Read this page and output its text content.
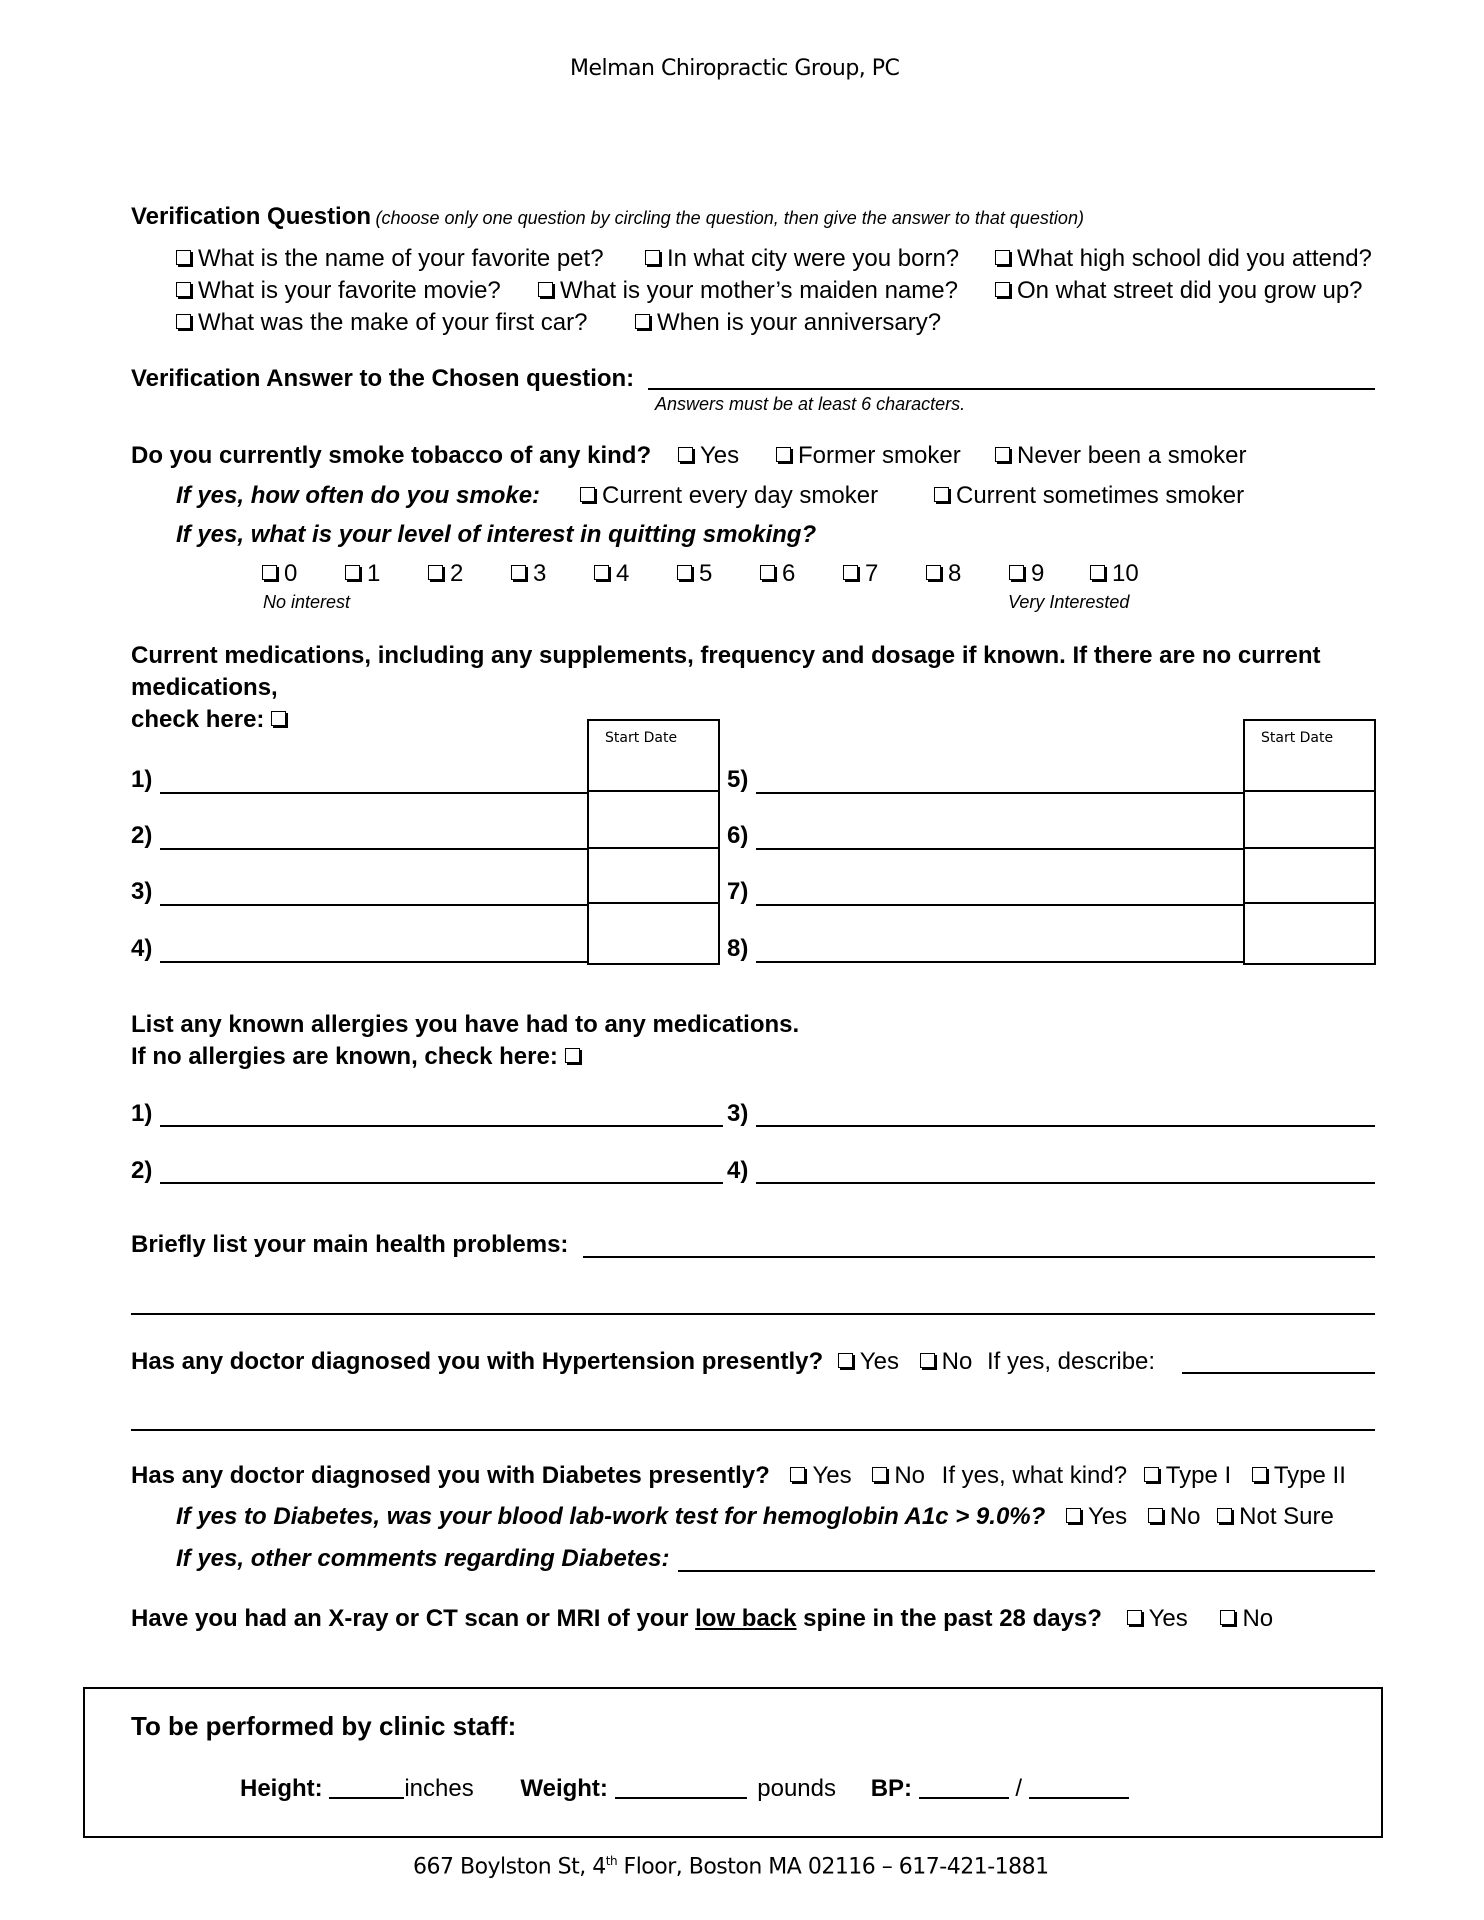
Melman Chiropractic Group, PC
Verification Question (choose only one question by circling the question, then give the answer to that question)
What is the name of your favorite pet?	In what city were you born?	What high school did you attend?
What is your favorite movie?	What is your mother’s maiden name?	On what street did you grow up?
What was the make of your first car?	When is your anniversary?
Verification Answer to the Chosen question:
Answers must be at least 6 characters.
Do you currently smoke tobacco of any kind?	Yes	Former smoker	Never been a smoker
If yes, how often do you smoke:	Current every day smoker	Current sometimes smoker
If yes, what is your level of interest in quitting smoking?
0	1	2	3	4	5	6	7	8	9	10
No interest	Very Interested
Current medications, including any supplements, frequency and dosage if known. If there are no current
medications,
check here:
Start Date	Start Date
1)
2)
3)
4)
5)
6)
7)
8)
List any known allergies you have had to any medications.
If no allergies are known, check here:
1)
2)
3)
4)
Briefly list your main health problems:
Has any doctor diagnosed you with Hypertension presently? Yes No If yes, describe:
Has any doctor diagnosed you with Diabetes presently? Yes No If yes, what kind? Type I Type II
If yes to Diabetes, was your blood lab-work test for hemoglobin A1c > 9.0%? Yes No Not Sure
If yes, other comments regarding Diabetes:
Have you had an X-ray or CT scan or MRI of your low back spine in the past 28 days? Yes No
To be performed by clinic staff:
Height:	inches Weight:	pounds BP:	/
667 Boylston St, 4th Floor, Boston MA 02116 – 617-421-1881
